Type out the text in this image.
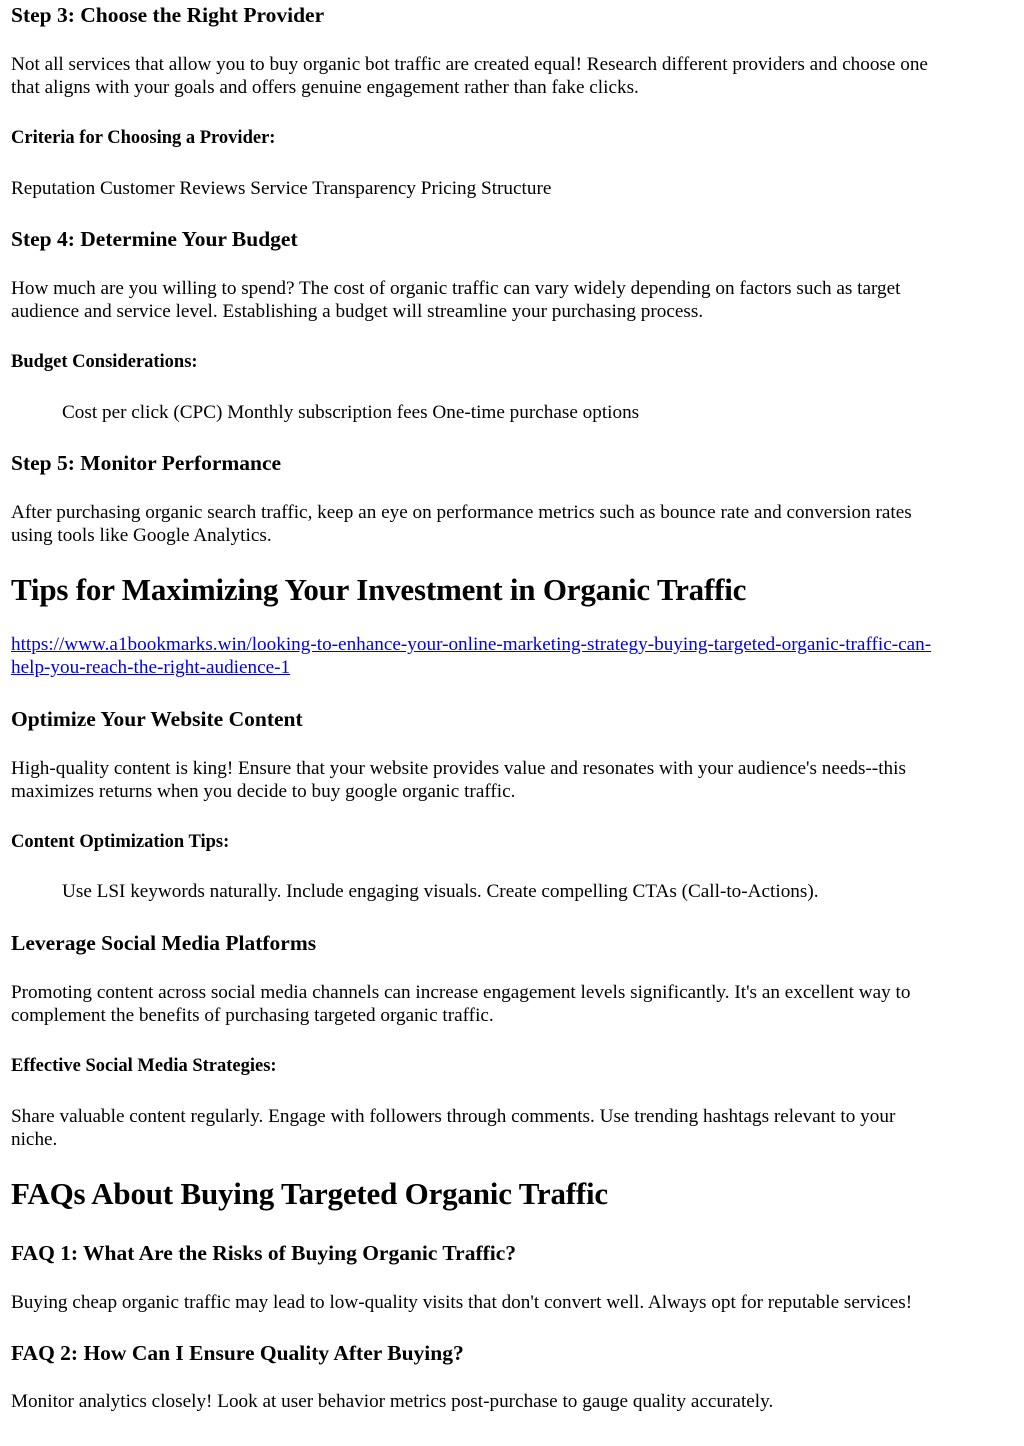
Step 3: Choose the Right Provider

Not all services that allow you to buy organic bot traffic are created equal! Research different providers and choose one

that aligns with your goals and offers genuine engagement rather than fake clicks.

Criteria for Choosing a Provider:

Reputation Customer Reviews Service Transparency Pricing Structure

Step 4: Determine Your Budget

How much are you willing to spend? The cost of organic traffic can vary widely depending on factors such as target

audience and service level. Establishing a budget will streamline your purchasing process.

Budget Considerations:

Cost per click (CPC) Monthly subscription fees One-time purchase options

Step 5: Monitor Performance

After purchasing organic search traffic, keep an eye on performance metrics such as bounce rate and conversion rates

using tools like Google Analytics.

Tips for Maximizing Your Investment in Organic Traffic
https://www.a1bookmarks.win/looking-to-enhance-your-online-marketing-strategy-buying-targeted-organic-traffic-can-
help-you-reach-the-right-audience-1
Optimize Your Website Content

High-quality content is king! Ensure that your website provides value and resonates with your audience's needs--this

maximizes returns when you decide to buy google organic traffic.

Content Optimization Tips:

Use LSI keywords naturally. Include engaging visuals. Create compelling CTAs (Call-to-Actions).

Leverage Social Media Platforms

Promoting content across social media channels can increase engagement levels significantly. It's an excellent way to

complement the benefits of purchasing targeted organic traffic.

Effective Social Media Strategies:

Share valuable content regularly. Engage with followers through comments. Use trending hashtags relevant to your

niche.

FAQs About Buying Targeted Organic Traffic
FAQ 1: What Are the Risks of Buying Organic Traffic?

Buying cheap organic traffic may lead to low-quality visits that don't convert well. Always opt for reputable services!

FAQ 2: How Can I Ensure Quality After Buying?

Monitor analytics closely! Look at user behavior metrics post-purchase to gauge quality accurately.
